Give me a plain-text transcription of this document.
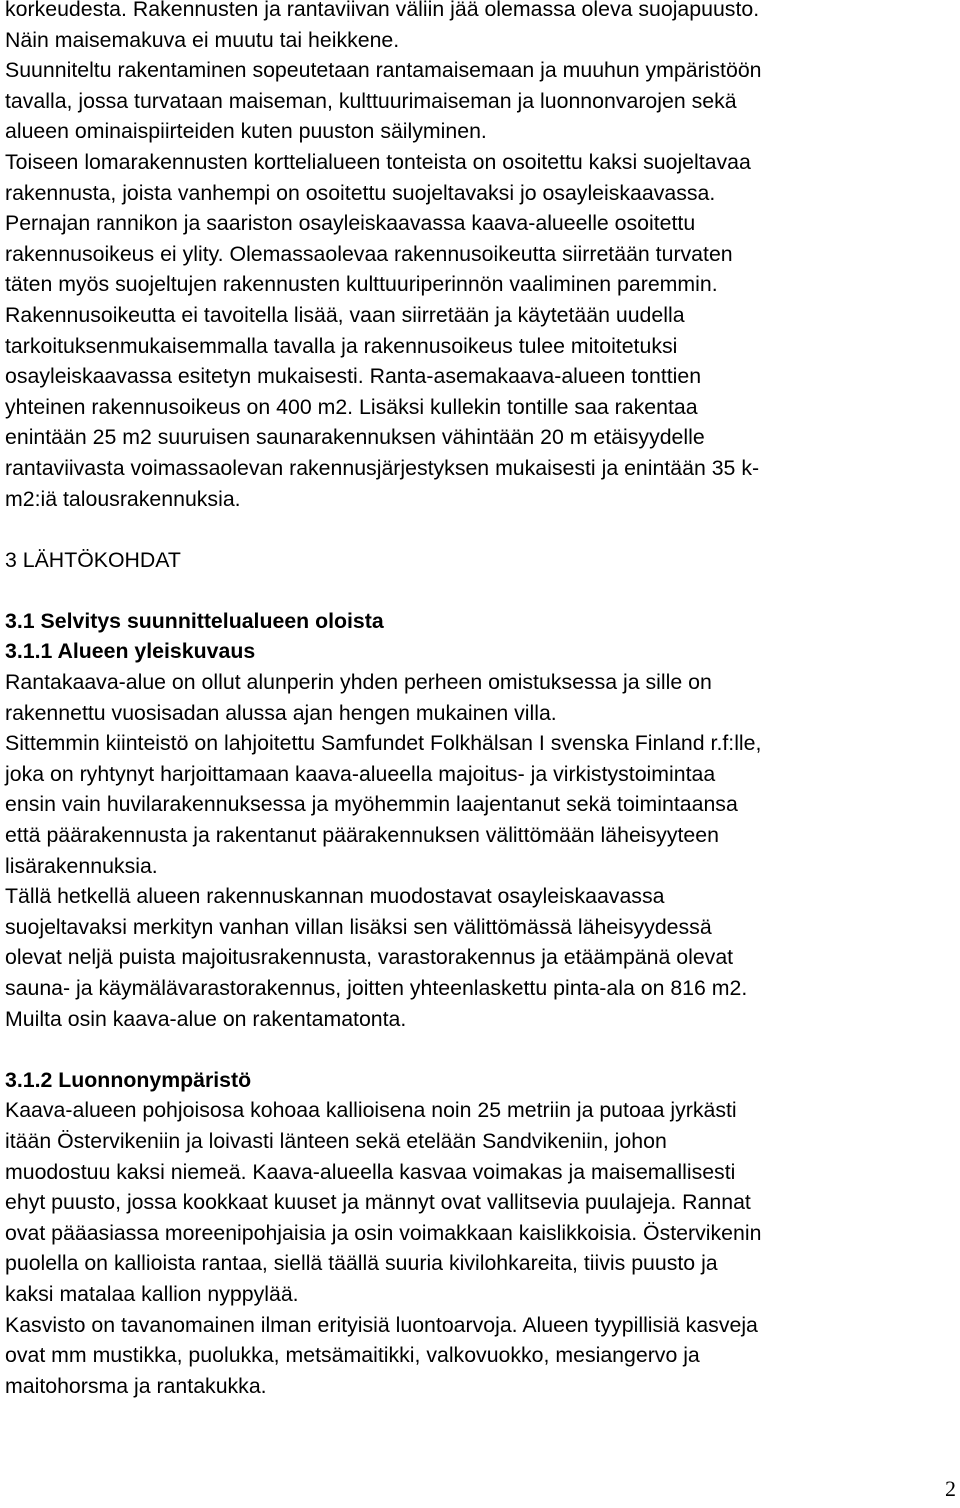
korkeudesta. Rakennusten ja rantaviivan väliin jää olemassa oleva suojapuusto.
Näin maisemakuva ei muutu tai heikkene.
Suunniteltu rakentaminen sopeutetaan rantamaisemaan ja muuhun ympäristöön
tavalla, jossa turvataan maiseman, kulttuurimaiseman ja luonnonvarojen sekä
alueen ominaispiirteiden kuten puuston säilyminen.
Toiseen lomarakennusten korttelialueen tonteista on osoitettu kaksi suojeltavaa
rakennusta, joista vanhempi on osoitettu suojeltavaksi jo osayleiskaavassa.
Pernajan rannikon ja saariston osayleiskaavassa kaava-alueelle osoitettu
rakennusoikeus ei ylity. Olemassaolevaa rakennusoikeutta siirretään turvaten
täten myös suojeltujen rakennusten kulttuuriperinnön vaaliminen paremmin.
Rakennusoikeutta ei tavoitella lisää, vaan siirretään ja käytetään uudella
tarkoituksenmukaisemmalla tavalla ja rakennusoikeus tulee mitoitetuksi
osayleiskaavassa esitetyn mukaisesti. Ranta-asemakaava-alueen tonttien
yhteinen rakennusoikeus on 400 m2. Lisäksi kullekin tontille saa rakentaa
enintään 25 m2 suuruisen saunarakennuksen vähintään 20 m etäisyydelle
rantaviivasta voimassaolevan rakennusjärjestyksen mukaisesti ja enintään 35 k-
m2:iä talousrakennuksia.
3 LÄHTÖKOHDAT
3.1 Selvitys suunnittelualueen oloista
3.1.1 Alueen yleiskuvaus
Rantakaava-alue on ollut alunperin yhden perheen omistuksessa ja sille on
rakennettu vuosisadan alussa ajan hengen mukainen villa.
Sittemmin kiinteistö on lahjoitettu Samfundet Folkhälsan I svenska Finland r.f:lle,
joka on ryhtynyt harjoittamaan kaava-alueella majoitus- ja virkistystoimintaa
ensin vain huvilarakennuksessa ja myöhemmin laajentanut sekä toimintaansa
että päärakennusta ja rakentanut päärakennuksen välittömään läheisyyteen
lisärakennuksia.
Tällä hetkellä alueen rakennuskannan muodostavat osayleiskaavassa
suojeltavaksi merkityn vanhan villan lisäksi sen välittömässä läheisyydessä
olevat neljä puista majoitusrakennusta, varastorakennus ja etäämpänä olevat
sauna- ja käymälävarastorakennus, joitten yhteenlaskettu pinta-ala on 816 m2.
Muilta osin kaava-alue on rakentamatonta.
3.1.2 Luonnonympäristö
Kaava-alueen pohjoisosa kohoaa kallioisena noin 25 metriin ja putoaa jyrkästi
itään Östervikeniin ja loivasti länteen sekä etelään Sandvikeniin, johon
muodostuu kaksi niemeä. Kaava-alueella kasvaa voimakas ja maisemallisesti
ehyt puusto, jossa kookkaat kuuset ja männyt ovat vallitsevia puulajeja. Rannat
ovat pääasiassa moreenipohjaisia ja osin voimakkaan kaislikkoisia. Östervikenin
puolella on kallioista rantaa, siellä täällä suuria kivilohkareita, tiivis puusto ja
kaksi matalaa kallion nyppylää.
Kasvisto on tavanomainen ilman erityisiä luontoarvoja. Alueen tyypillisiä kasveja
ovat mm mustikka, puolukka, metsämaitikki, valkovuokko, mesiangervo ja
maitohorsma ja rantakukka.
2
